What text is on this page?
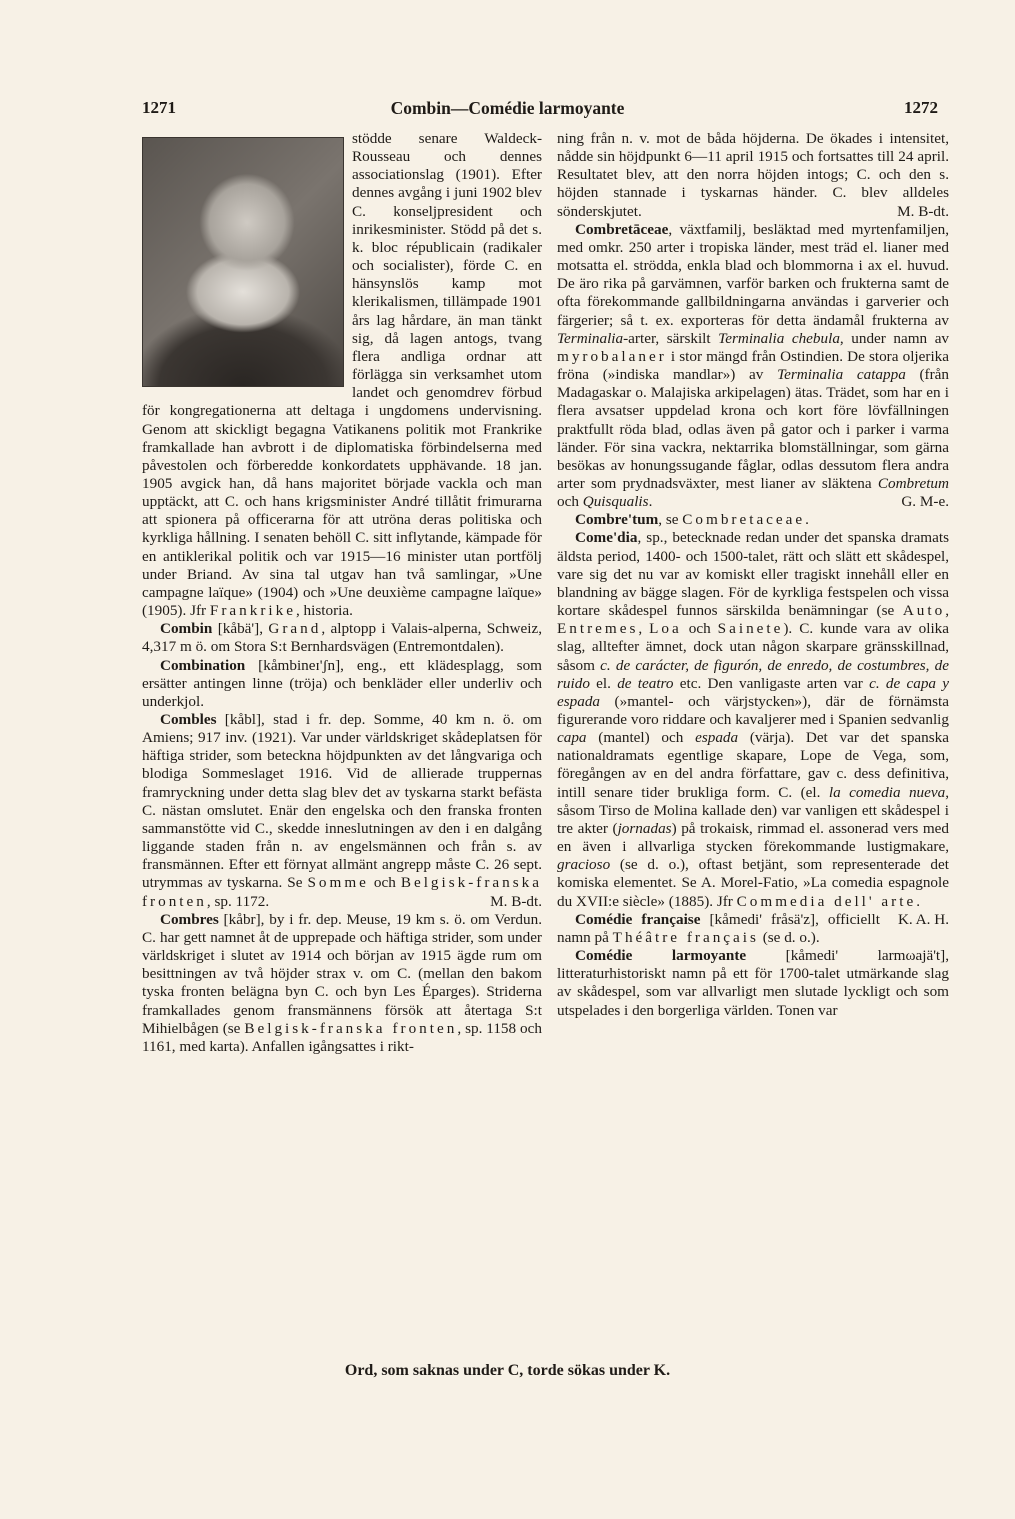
1271	Combin—Comédie larmoyante	1272

stödde senare Waldeck-Rousseau och dennes associationslag (1901). Efter dennes avgång i juni 1902 blev C. konseljpresident och inrikesminister. Stödd på det s. k. bloc républicain (radikaler och socialister), förde C. en hänsynslös kamp mot klerikalismen, tillämpade 1901 års lag hårdare, än man tänkt sig, då lagen antogs, tvang flera andliga ordnar att förlägga sin verksamhet utom landet och genomdrev förbud för kongregationerna att deltaga i ungdomens undervisning. Genom att skickligt begagna Vatikanens politik mot Frankrike framkallade han avbrott i de diplomatiska förbindelserna med påvestolen och förberedde konkordatets upphävande. 18 jan. 1905 avgick han, då hans majoritet började vackla och man upptäckt, att C. och hans krigsminister André tillåtit frimurarna att spionera på officerarna för att utröna deras politiska och kyrkliga hållning. I senaten behöll C. sitt inflytande, kämpade för en antiklerikal politik och var 1915—16 minister utan portfölj under Briand. Av sina tal utgav han två samlingar, »Une campagne laïque» (1904) och »Une deuxième campagne laïque» (1905). Jfr Frankrike, historia.

Combin [kåbä'], Grand, alptopp i Valais-alperna, Schweiz, 4,317 m ö. om Stora S:t Bernhardsvägen (Entremontdalen).

Combination [kåmbineɪ'ʃn], eng., ett klädesplagg, som ersätter antingen linne (tröja) och benkläder eller underliv och underkjol.

Combles [kåbl], stad i fr. dep. Somme, 40 km n. ö. om Amiens; 917 inv. (1921). Var under världskriget skådeplatsen för häftiga strider, som beteckna höjdpunkten av det långvariga och blodiga Sommeslaget 1916. Vid de allierade truppernas framryckning under detta slag blev det av tyskarna starkt befästa C. nästan omslutet. Enär den engelska och den franska fronten sammanstötte vid C., skedde inneslutningen av den i en dalgång liggande staden från n. av engelsmännen och från s. av fransmännen. Efter ett förnyat allmänt angrepp måste C. 26 sept. utrymmas av tyskarna. Se Somme och Belgisk-franska fronten, sp. 1172.	M. B-dt.

Combres [kåbr], by i fr. dep. Meuse, 19 km s. ö. om Verdun. C. har gett namnet åt de upprepade och häftiga strider, som under världskriget i slutet av 1914 och början av 1915 ägde rum om besittningen av två höjder strax v. om C. (mellan den bakom tyska fronten belägna byn C. och byn Les Éparges). Striderna framkallades genom fransmännens försök att återtaga S:t Mihielbågen (se Belgisk-franska fronten, sp. 1158 och 1161, med karta). Anfallen igångsattes i rikt-

ning från n. v. mot de båda höjderna. De ökades i intensitet, nådde sin höjdpunkt 6—11 april 1915 och fortsattes till 24 april. Resultatet blev, att den norra höjden intogs; C. och den s. höjden stannade i tyskarnas händer. C. blev alldeles sönderskjutet.	M. B-dt.

Combretāceae, växtfamilj, besläktad med myrtenfamiljen, med omkr. 250 arter i tropiska länder, mest träd el. lianer med motsatta el. strödda, enkla blad och blommorna i ax el. huvud. De äro rika på garvämnen, varför barken och frukterna samt de ofta förekommande gallbildningarna användas i garverier och färgerier; så t. ex. exporteras för detta ändamål frukterna av Terminalia-arter, särskilt Terminalia chebula, under namn av myrobalaner i stor mängd från Ostindien. De stora oljerika fröna (»indiska mandlar») av Terminalia catappa (från Madagaskar o. Malajiska arkipelagen) ätas. Trädet, som har en i flera avsatser uppdelad krona och kort före lövfällningen praktfullt röda blad, odlas även på gator och i parker i varma länder. För sina vackra, nektarrika blomställningar, som gärna besökas av honungssugande fåglar, odlas dessutom flera andra arter som prydnadsväxter, mest lianer av släktena Combretum och Quisqualis.	G. M-e.

Combre'tum, se Combretaceae.

Come'dia, sp., betecknade redan under det spanska dramats äldsta period, 1400- och 1500-talet, rätt och slätt ett skådespel, vare sig det nu var av komiskt eller tragiskt innehåll eller en blandning av bägge slagen. För de kyrkliga festspelen och vissa kortare skådespel funnos särskilda benämningar (se Auto, Entremes, Loa och Sainete). C. kunde vara av olika slag, alltefter ämnet, dock utan någon skarpare gränsskillnad, såsom c. de carácter, de figurón, de enredo, de costumbres, de ruido el. de teatro etc. Den vanligaste arten var c. de capa y espada (»mantel- och värjstycken»), där de förnämsta figurerande voro riddare och kavaljerer med i Spanien sedvanlig capa (mantel) och espada (värja). Det var det spanska nationaldramats egentlige skapare, Lope de Vega, som, föregången av en del andra författare, gav c. dess definitiva, intill senare tider brukliga form. C. (el. la comedia nueva, såsom Tirso de Molina kallade den) var vanligen ett skådespel i tre akter (jornadas) på trokaisk, rimmad el. assonerad vers med en även i allvarliga stycken förekommande lustigmakare, gracioso (se d. o.), oftast betjänt, som representerade det komiska elementet. Se A. Morel-Fatio, »La comedia espagnole du XVII:e siècle» (1885). Jfr Commedia dell' arte.
K. A. H.

Comédie française [kåmedi' fråsä'z], officiellt namn på Théâtre français (se d. o.).

Comédie larmoyante [kåmedi' larmωajä't], litteraturhistoriskt namn på ett för 1700-talet utmärkande slag av skådespel, som var allvarligt men slutade lyckligt och som utspelades i den borgerliga världen. Tonen var

Ord, som saknas under C, torde sökas under K.
